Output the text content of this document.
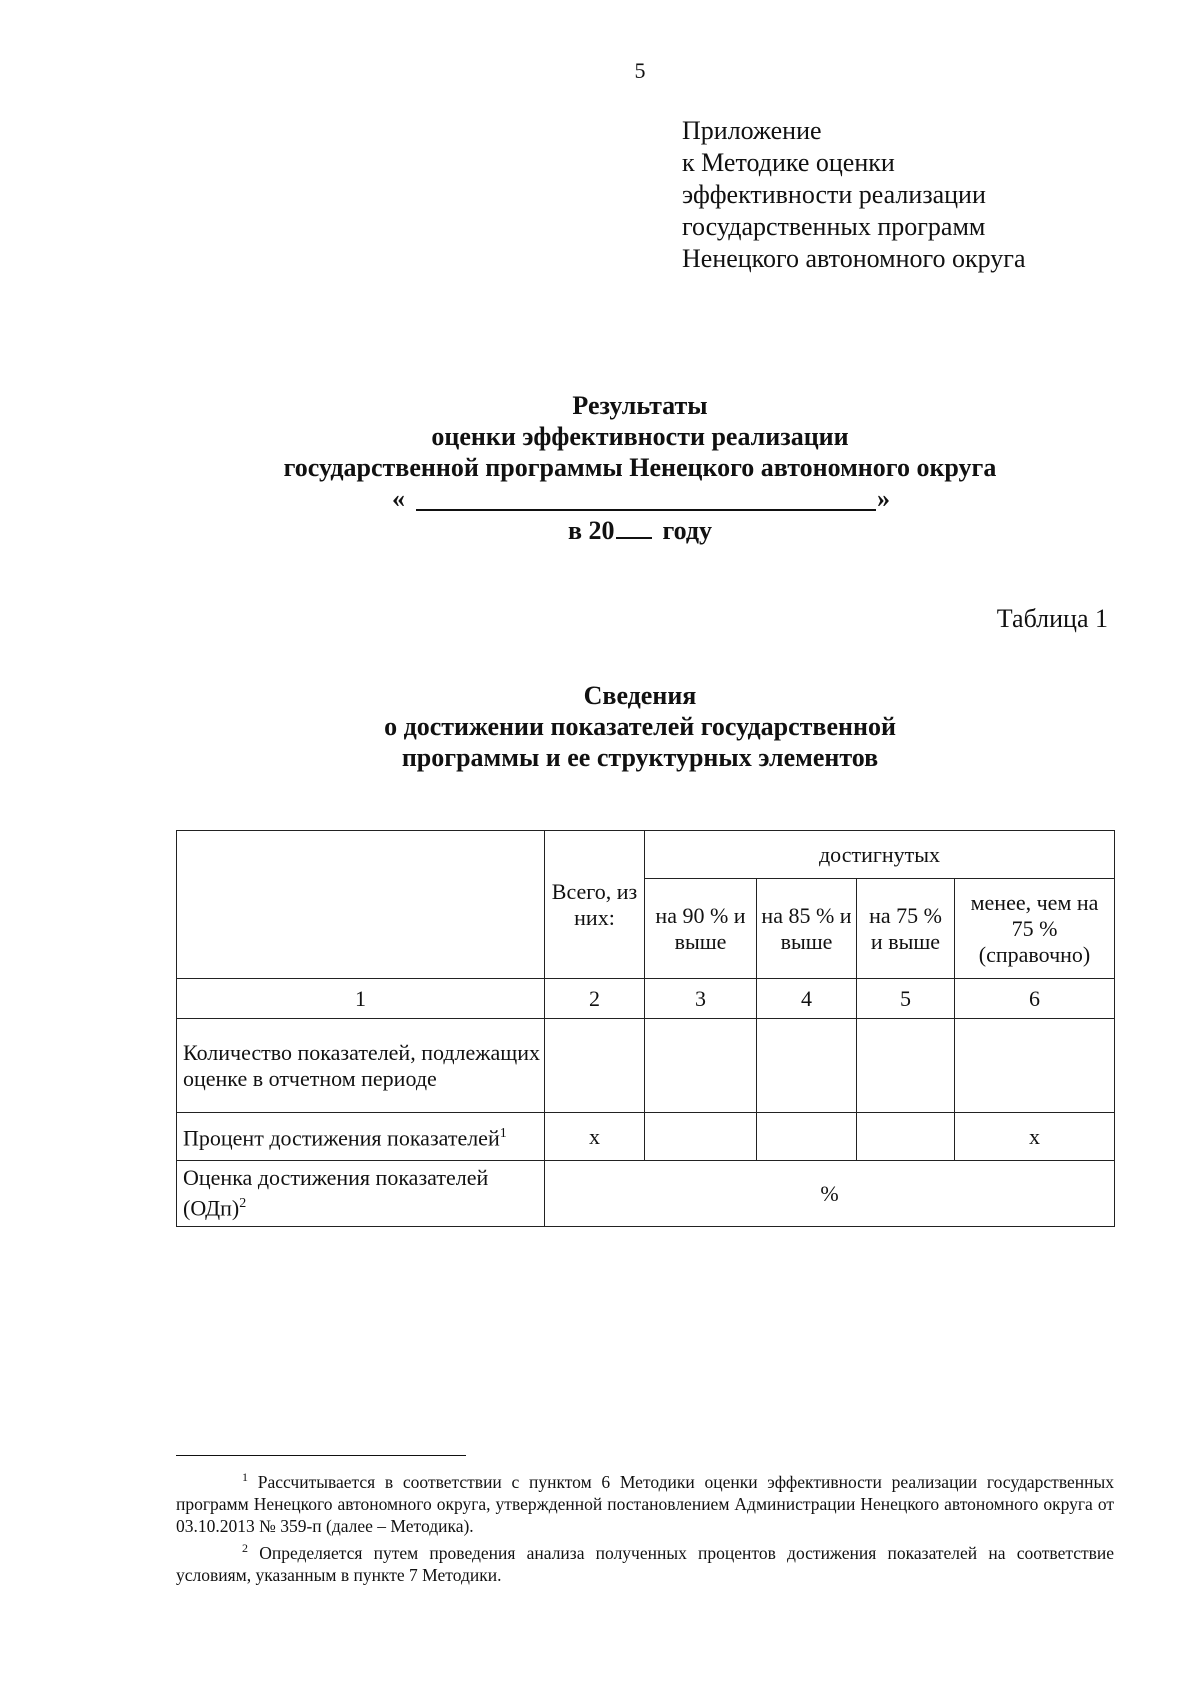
5
Приложение
к Методике оценки
эффективности реализации
государственных программ
Ненецкого автономного округа
Результаты
оценки эффективности реализации
государственной программы Ненецкого автономного округа
«	»
в 20 году
Таблица 1
Сведения
о достижении показателей государственной
программы и ее структурных элементов
	Всего, из них:	достигнутых			
		на 90 % и выше	на 85 % и выше	на 75 % и выше	менее, чем на 75 % (справочно)
1	2	3	4	5	6
Количество показателей, подлежащих оценке в отчетном периоде					
Процент достижения показателей$^1$	х				х
Оценка достижения показателей (ОДп)$^2$	%				

$^1$ Рассчитывается в соответствии с пунктом 6 Методики оценки эффективности реализации государственных программ Ненецкого автономного округа, утвержденной постановлением Администрации Ненецкого автономного округа от 03.10.2013 № 359-п (далее – Методика).

$^2$ Определяется путем проведения анализа полученных процентов достижения показателей на соответствие условиям, указанным в пункте 7 Методики.
